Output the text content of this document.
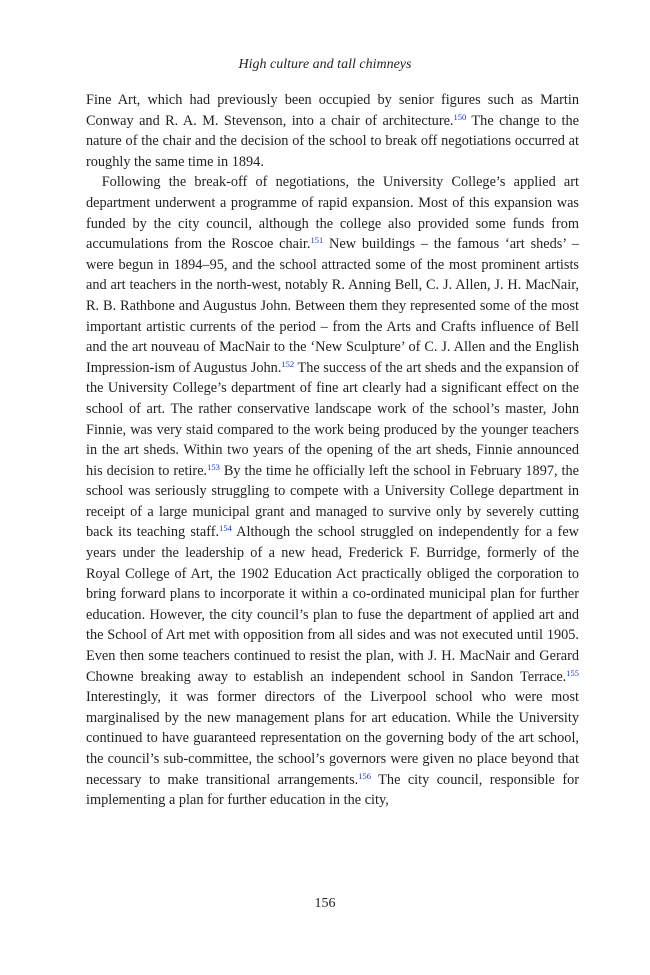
High culture and tall chimneys

Fine Art, which had previously been occupied by senior figures such as Martin Conway and R. A. M. Stevenson, into a chair of architecture.$^{150}$ The change to the nature of the chair and the decision of the school to break off negotiations occurred at roughly the same time in 1894.

Following the break-off of negotiations, the University College’s applied art department underwent a programme of rapid expansion. Most of this expansion was funded by the city council, although the college also provided some funds from accumulations from the Roscoe chair.$^{151}$ New buildings – the famous ‘art sheds’ – were begun in 1894–95, and the school attracted some of the most prominent artists and art teachers in the north-west, notably R. Anning Bell, C. J. Allen, J. H. MacNair, R. B. Rathbone and Augustus John. Between them they represented some of the most important artistic currents of the period – from the Arts and Crafts influence of Bell and the art nouveau of MacNair to the ‘New Sculpture’ of C. J. Allen and the English Impression-ism of Augustus John.$^{152}$ The success of the art sheds and the expansion of the University College’s department of fine art clearly had a significant effect on the school of art. The rather conservative landscape work of the school’s master, John Finnie, was very staid compared to the work being produced by the younger teachers in the art sheds. Within two years of the opening of the art sheds, Finnie announced his decision to retire.$^{153}$ By the time he officially left the school in February 1897, the school was seriously struggling to compete with a University College department in receipt of a large municipal grant and managed to survive only by severely cutting back its teaching staff.$^{154}$ Although the school struggled on independently for a few years under the leadership of a new head, Frederick F. Burridge, formerly of the Royal College of Art, the 1902 Education Act practically obliged the corporation to bring forward plans to incorporate it within a co-ordinated municipal plan for further education. However, the city council’s plan to fuse the department of applied art and the School of Art met with opposition from all sides and was not executed until 1905. Even then some teachers continued to resist the plan, with J. H. MacNair and Gerard Chowne breaking away to establish an independent school in Sandon Terrace.$^{155}$ Interestingly, it was former directors of the Liverpool school who were most marginalised by the new management plans for art education. While the University continued to have guaranteed representation on the governing body of the art school, the council’s sub-committee, the school’s governors were given no place beyond that necessary to make transitional arrangements.$^{156}$ The city council, responsible for implementing a plan for further education in the city,

156
